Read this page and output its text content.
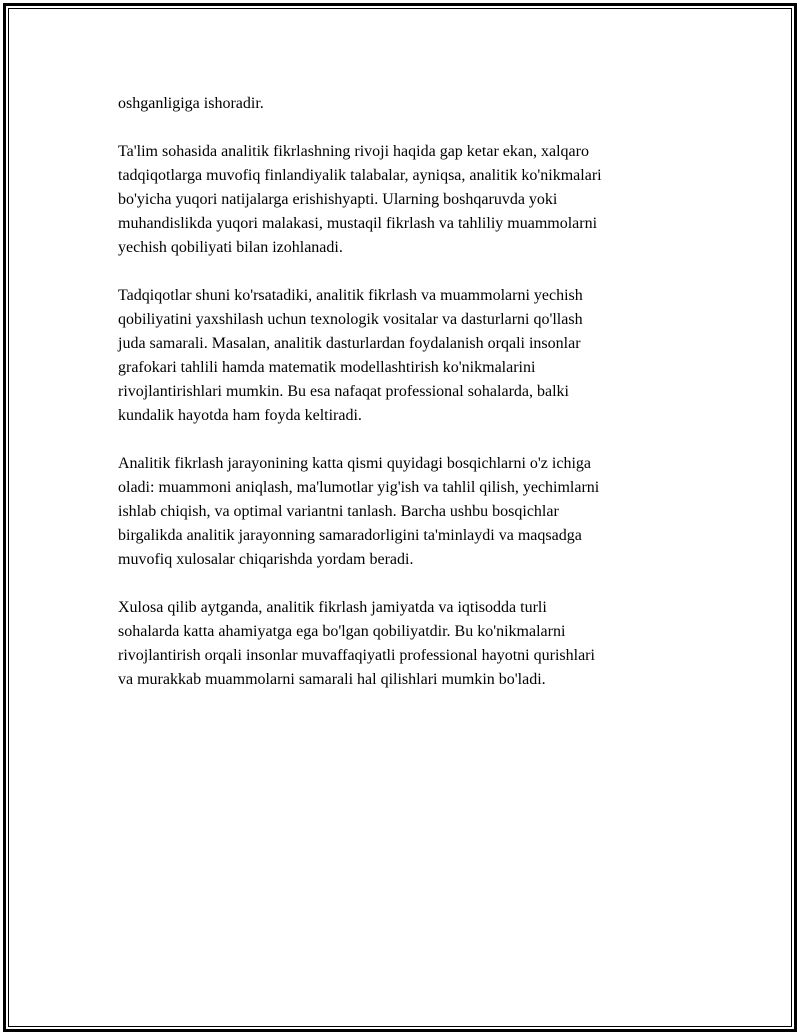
oshganligiga ishoradir.

Ta'lim sohasida analitik fikrlashning rivoji haqida gap ketar ekan, xalqaro
tadqiqotlarga muvofiq finlandiyalik talabalar, ayniqsa, analitik ko'nikmalari
bo'yicha yuqori natijalarga erishishyapti. Ularning boshqaruvda yoki
muhandislikda yuqori malakasi, mustaqil fikrlash va tahliliy muammolarni
yechish qobiliyati bilan izohlanadi.

Tadqiqotlar shuni ko'rsatadiki, analitik fikrlash va muammolarni yechish
qobiliyatini yaxshilash uchun texnologik vositalar va dasturlarni qo'llash
juda samarali. Masalan, analitik dasturlardan foydalanish orqali insonlar
grafokari tahlili hamda matematik modellashtirish ko'nikmalarini
rivojlantirishlari mumkin. Bu esa nafaqat professional sohalarda, balki
kundalik hayotda ham foyda keltiradi.

Analitik fikrlash jarayonining katta qismi quyidagi bosqichlarni o'z ichiga
oladi: muammoni aniqlash, ma'lumotlar yig'ish va tahlil qilish, yechimlarni
ishlab chiqish, va optimal variantni tanlash. Barcha ushbu bosqichlar
birgalikda analitik jarayonning samaradorligini ta'minlaydi va maqsadga
muvofiq xulosalar chiqarishda yordam beradi.

Xulosa qilib aytganda, analitik fikrlash jamiyatda va iqtisodda turli
sohalarda katta ahamiyatga ega bo'lgan qobiliyatdir. Bu ko'nikmalarni
rivojlantirish orqali insonlar muvaffaqiyatli professional hayotni qurishlari
va murakkab muammolarni samarali hal qilishlari mumkin bo'ladi.
